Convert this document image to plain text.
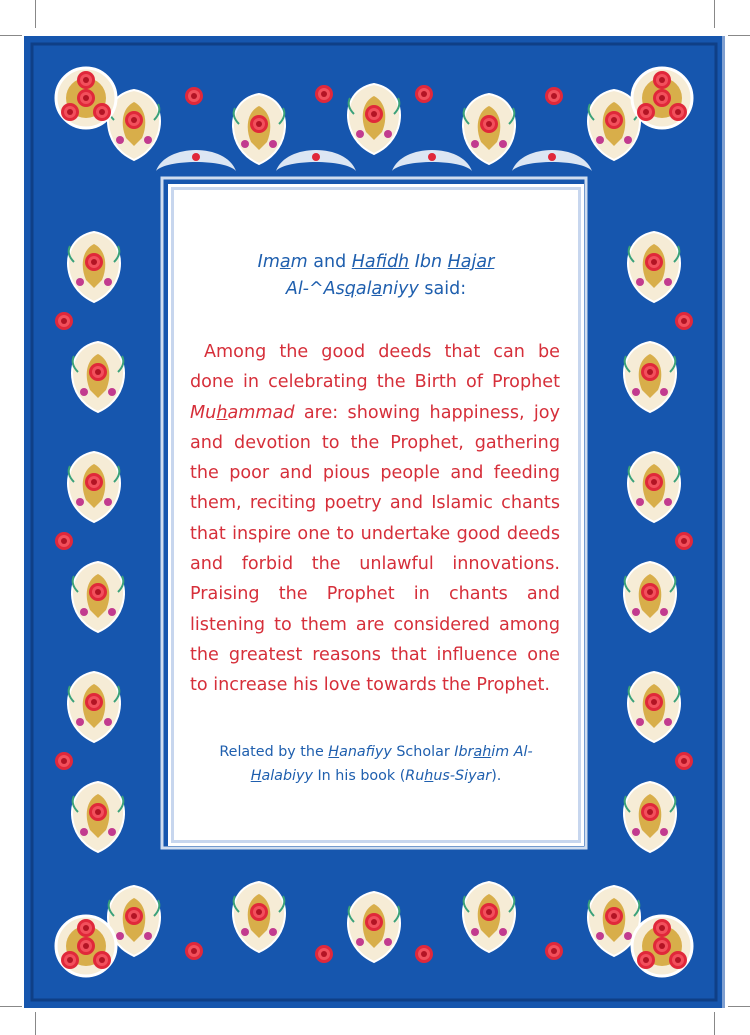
Imam and Hafidh Ibn Hajar
Al-^Asqalaniyy said:
Among the good deeds that can be done in celebrating the Birth of Prophet Muhammad are: showing happiness, joy and devotion to the Prophet, gathering the poor and pious people and feeding them, reciting poetry and Islamic chants that inspire one to undertake good deeds and forbid the unlawful innovations. Praising the Prophet in chants and listening to them are considered among the greatest reasons that influence one to increase his love towards the Prophet.
Related by the Hanafiyy Scholar Ibrahim Al-Halabiyy In his book (Ruhus-Siyar).
